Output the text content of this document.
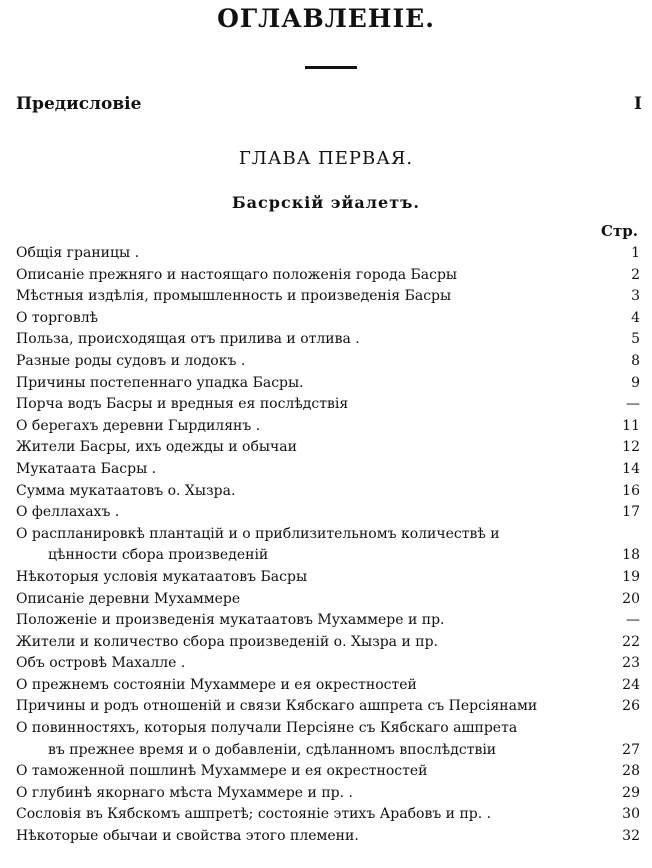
ОГЛАВЛЕНІЕ.
Предисловіе	I
ГЛАВА ПЕРВАЯ.
Басрскій эйалетъ.
Стр.
Общія границы .	1
Описаніе прежняго и настоящаго положенія города Басры	2
Мѣстныя издѣлія, промышленность и произведенія Басры	3
О торговлѣ	4
Польза, происходящая отъ прилива и отлива .	5
Разные роды судовъ и лодокъ .	8
Причины постепеннаго упадка Басры.	9
Порча водъ Басры и вредныя ея послѣдствія	—
О берегахъ деревни Гырдилянъ .	11
Жители Басры, ихъ одежды и обычаи	12
Мукатаата Басры .	14
Сумма мукатаатовъ о. Хызра.	16
О феллахахъ .	17
О распланировкѣ плантацій и о приблизительномъ количествѣ и
цѣнности сбора произведеній	18
Нѣкоторыя условія мукатаатовъ Басры	19
Описаніе деревни Мухаммере	20
Положеніе и произведенія мукатаатовъ Мухаммере и пр.	—
Жители и количество сбора произведеній о. Хызра и пр.	22
Объ островѣ Махалле .	23
О прежнемъ состояніи Мухаммере и ея окрестностей	24
Причины и родъ отношеній и связи Кябскаго ашпрета съ Персіянами	26
О повинностяхъ, которыя получали Персіяне съ Кябскаго ашпрета
въ прежнее время и о добавленіи, сдѣланномъ впослѣдствіи	27
О таможенной пошлинѣ Мухаммере и ея окрестностей	28
О глубинѣ якорнаго мѣста Мухаммере и пр. .	29
Сословія въ Кябскомъ ашпретѣ; состояніе этихъ Арабовъ и пр. .	30
Нѣкоторые обычаи и свойства этого племени.	32
